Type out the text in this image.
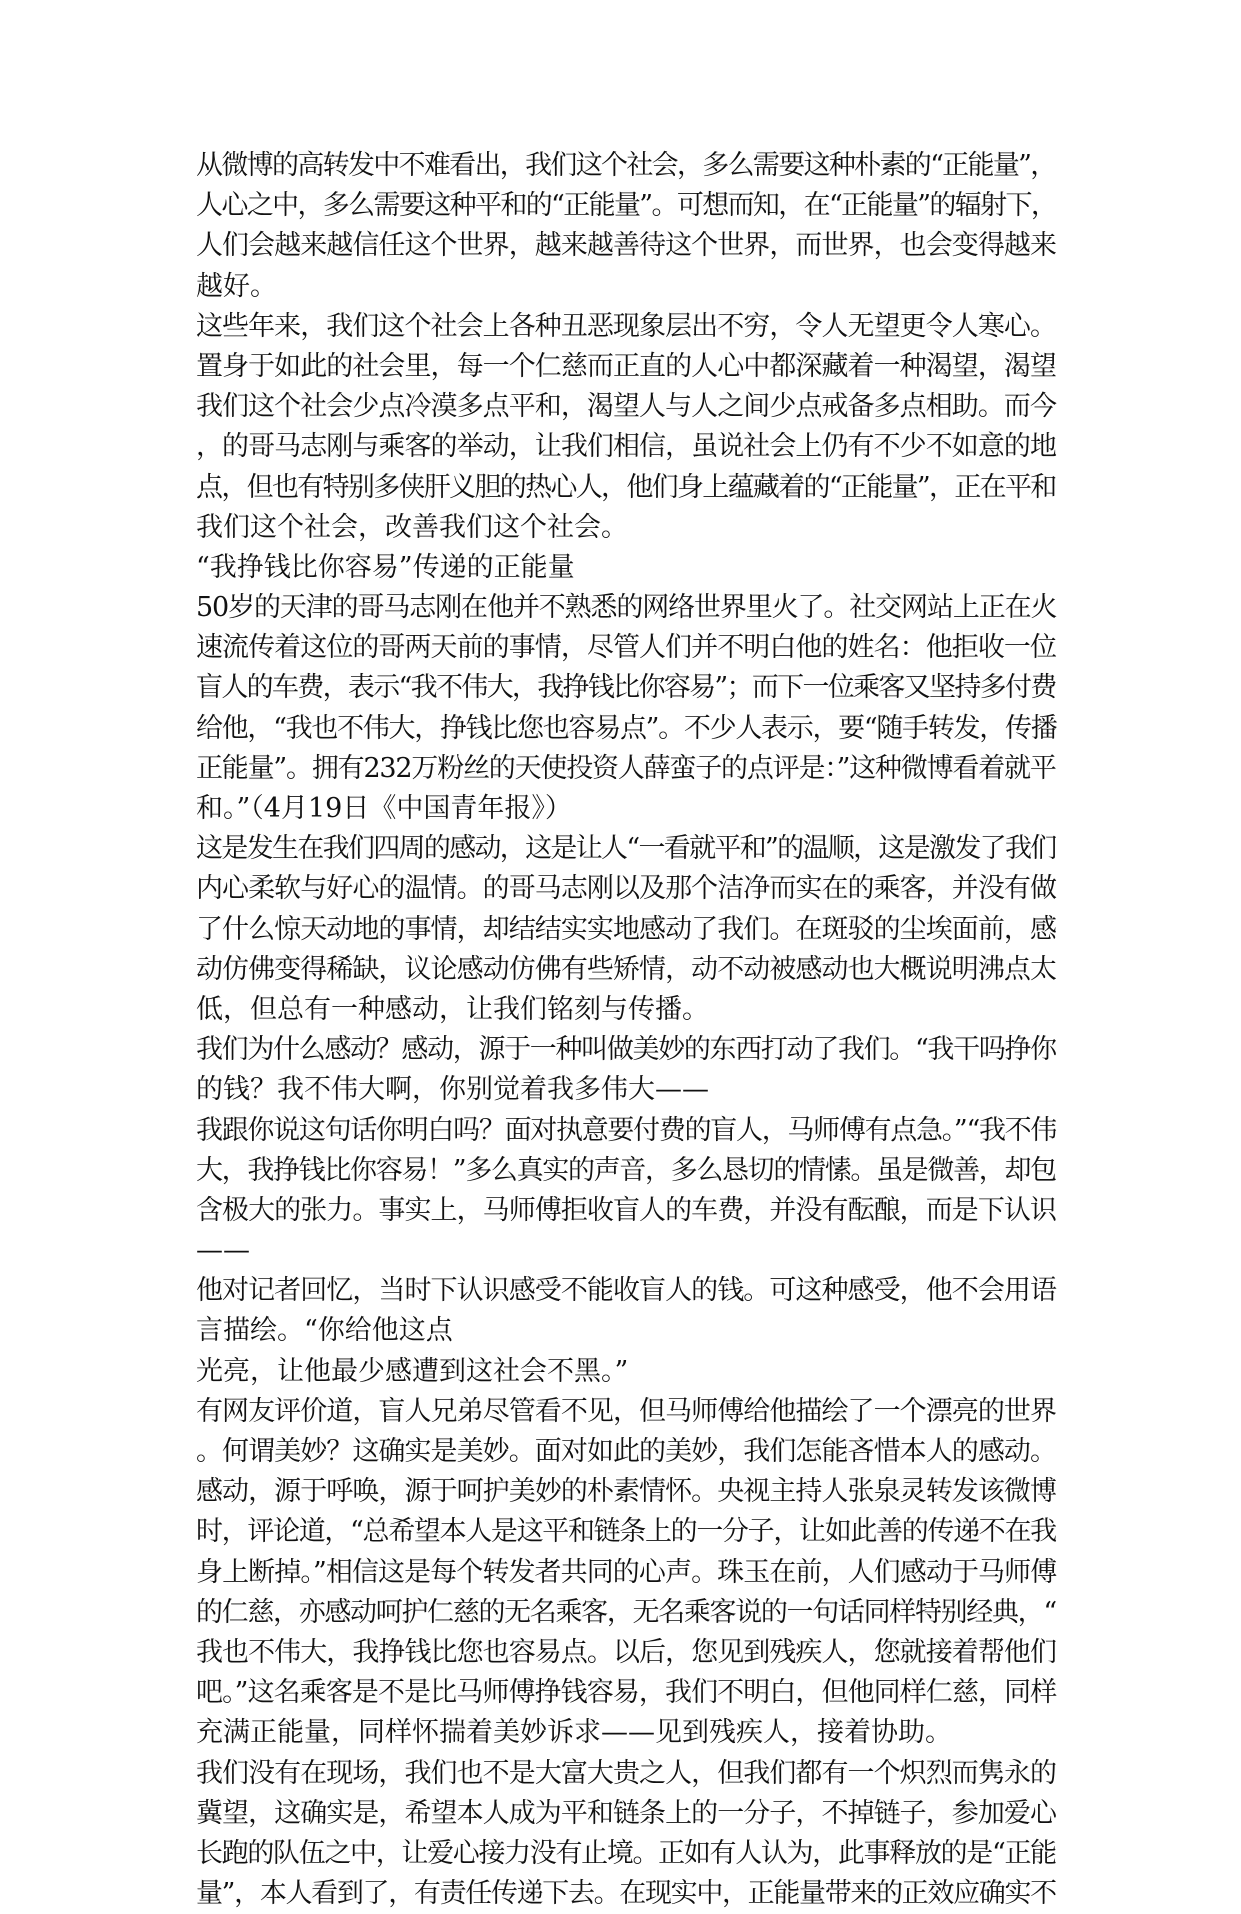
从微博的高转发中不难看出，我们这个社会，多么需要这种朴素的“正能量”，
人心之中，多么需要这种平和的“正能量”。可想而知，在“正能量”的辐射下，
人们会越来越信任这个世界，越来越善待这个世界，而世界，也会变得越来
越好。
这些年来，我们这个社会上各种丑恶现象层出不穷，令人无望更令人寒心。
置身于如此的社会里，每一个仁慈而正直的人心中都深藏着一种渴望，渴望
我们这个社会少点冷漠多点平和，渴望人与人之间少点戒备多点相助。而今
，的哥马志刚与乘客的举动，让我们相信，虽说社会上仍有不少不如意的地
点，但也有特别多侠肝义胆的热心人，他们身上蕴藏着的“正能量”，正在平和
我们这个社会，改善我们这个社会。
“我挣钱比你容易”传递的正能量
50岁的天津的哥马志刚在他并不熟悉的网络世界里火了。社交网站上正在火
速流传着这位的哥两天前的事情，尽管人们并不明白他的姓名：他拒收一位
盲人的车费，表示“我不伟大，我挣钱比你容易”；而下一位乘客又坚持多付费
给他，“我也不伟大，挣钱比您也容易点”。不少人表示，要“随手转发，传播
正能量”。拥有232万粉丝的天使投资人薛蛮子的点评是：”这种微博看着就平
和。”（4月19日《中国青年报》）
这是发生在我们四周的感动，这是让人“一看就平和”的温顺，这是激发了我们
内心柔软与好心的温情。的哥马志刚以及那个洁净而实在的乘客，并没有做
了什么惊天动地的事情，却结结实实地感动了我们。在斑驳的尘埃面前，感
动仿佛变得稀缺，议论感动仿佛有些矫情，动不动被感动也大概说明沸点太
低，但总有一种感动，让我们铭刻与传播。
我们为什么感动？感动，源于一种叫做美妙的东西打动了我们。“我干吗挣你
的钱？我不伟大啊，你别觉着我多伟大——
我跟你说这句话你明白吗？面对执意要付费的盲人，马师傅有点急。”“我不伟
大，我挣钱比你容易！”多么真实的声音，多么恳切的情愫。虽是微善，却包
含极大的张力。事实上，马师傅拒收盲人的车费，并没有酝酿，而是下认识
——
他对记者回忆，当时下认识感受不能收盲人的钱。可这种感受，他不会用语
言描绘。“你给他这点
光亮，让他最少感遭到这社会不黑。”
有网友评价道，盲人兄弟尽管看不见，但马师傅给他描绘了一个漂亮的世界
。何谓美妙？这确实是美妙。面对如此的美妙，我们怎能吝惜本人的感动。
感动，源于呼唤，源于呵护美妙的朴素情怀。央视主持人张泉灵转发该微博
时，评论道，“总希望本人是这平和链条上的一分子，让如此善的传递不在我
身上断掉。”相信这是每个转发者共同的心声。珠玉在前，人们感动于马师傅
的仁慈，亦感动呵护仁慈的无名乘客，无名乘客说的一句话同样特别经典，“
我也不伟大，我挣钱比您也容易点。以后，您见到残疾人，您就接着帮他们
吧。”这名乘客是不是比马师傅挣钱容易，我们不明白，但他同样仁慈，同样
充满正能量，同样怀揣着美妙诉求——见到残疾人，接着协助。
我们没有在现场，我们也不是大富大贵之人，但我们都有一个炽烈而隽永的
冀望，这确实是，希望本人成为平和链条上的一分子，不掉链子，参加爱心
长跑的队伍之中，让爱心接力没有止境。正如有人认为，此事释放的是“正能
量”，本人看到了，有责任传递下去。在现实中，正能量带来的正效应确实不
